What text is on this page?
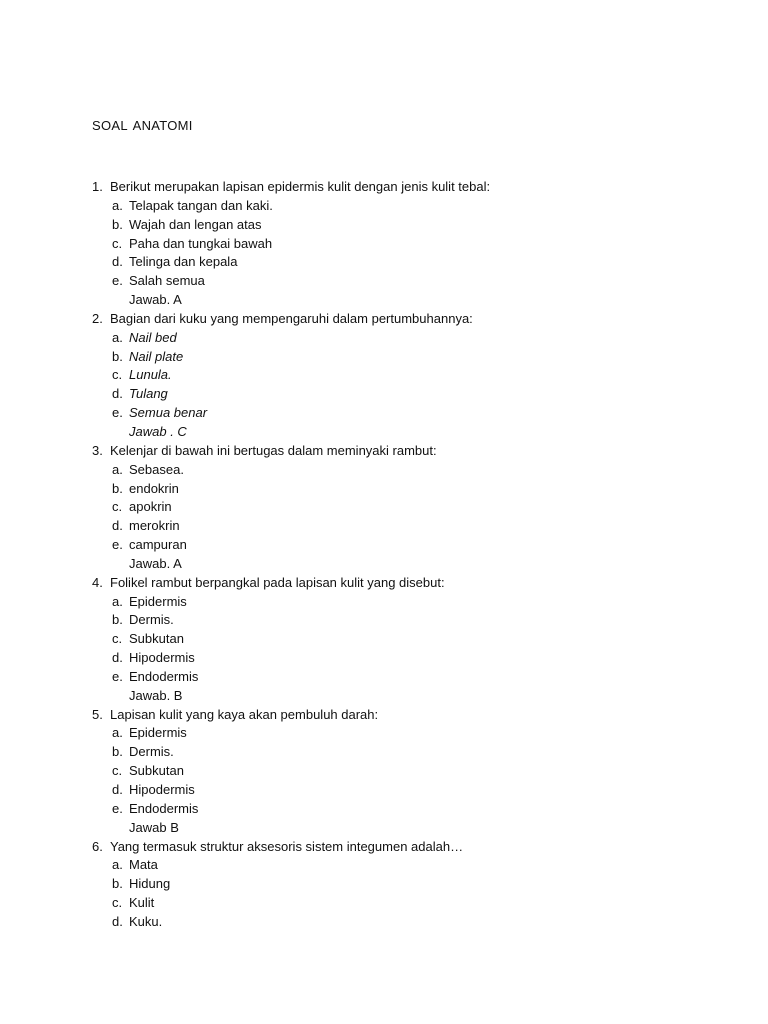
SOAL ANATOMI
1. Berikut merupakan lapisan epidermis kulit dengan jenis kulit tebal:
a. Telapak tangan dan kaki.
b. Wajah dan lengan atas
c. Paha dan tungkai bawah
d. Telinga dan kepala
e. Salah semua
Jawab. A
2. Bagian dari kuku yang mempengaruhi dalam pertumbuhannya:
a. Nail bed
b. Nail plate
c. Lunula.
d. Tulang
e. Semua benar
Jawab . C
3. Kelenjar di bawah ini bertugas dalam meminyaki rambut:
a. Sebasea.
b. endokrin
c. apokrin
d. merokrin
e. campuran
Jawab. A
4. Folikel rambut berpangkal pada lapisan kulit yang disebut:
a. Epidermis
b. Dermis.
c. Subkutan
d. Hipodermis
e. Endodermis
Jawab. B
5. Lapisan kulit yang kaya akan pembuluh darah:
a. Epidermis
b. Dermis.
c. Subkutan
d. Hipodermis
e. Endodermis
Jawab B
6. Yang termasuk struktur aksesoris sistem integumen adalah…
a. Mata
b. Hidung
c. Kulit
d. Kuku.
